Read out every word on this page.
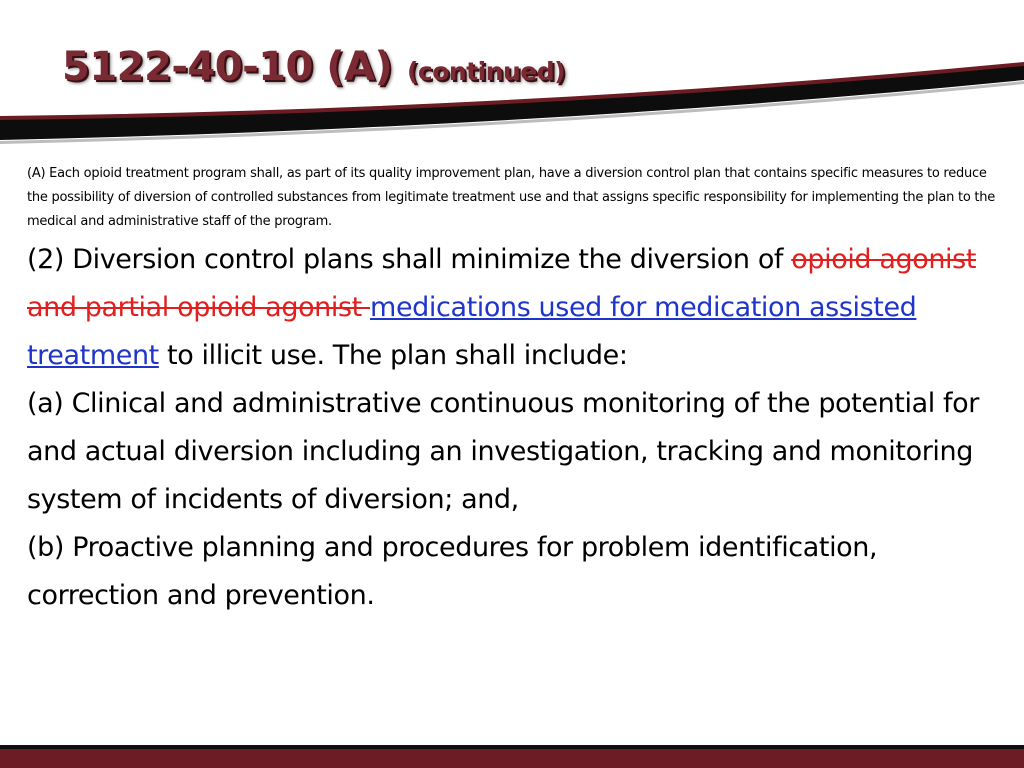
5122-40-10 (A) (continued)

(A) Each opioid treatment program shall, as part of its quality improvement plan, have a diversion control plan that contains specific measures to reduce the possibility of diversion of controlled substances from legitimate treatment use and that assigns specific responsibility for implementing the plan to the medical and administrative staff of the program.

(2) Diversion control plans shall minimize the diversion of opioid agonist and partial opioid agonist medications used for medication assisted treatment to illicit use. The plan shall include:

(a) Clinical and administrative continuous monitoring of the potential for and actual diversion including an investigation, tracking and monitoring system of incidents of diversion; and,

(b) Proactive planning and procedures for problem identification, correction and prevention.
